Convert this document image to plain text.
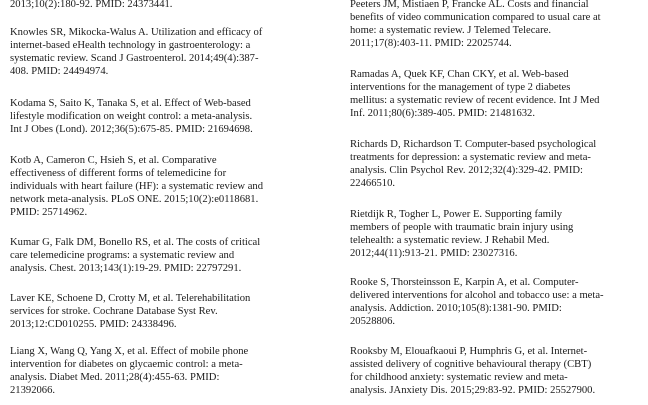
2013;10(2):180-92. PMID: 24373441.

Knowles SR, Mikocka-Walus A. Utilization and efficacy of
internet-based eHealth technology in gastroenterology: a
systematic review. Scand J Gastroenterol. 2014;49(4):387-
408. PMID: 24494974.

Kodama S, Saito K, Tanaka S, et al. Effect of Web-based
lifestyle modification on weight control: a meta-analysis.
Int J Obes (Lond). 2012;36(5):675-85. PMID: 21694698.

Kotb A, Cameron C, Hsieh S, et al. Comparative
effectiveness of different forms of telemedicine for
individuals with heart failure (HF): a systematic review and
network meta-analysis. PLoS ONE. 2015;10(2):e0118681.
PMID: 25714962.

Kumar G, Falk DM, Bonello RS, et al. The costs of critical
care telemedicine programs: a systematic review and
analysis. Chest. 2013;143(1):19-29. PMID: 22797291.

Laver KE, Schoene D, Crotty M, et al. Telerehabilitation
services for stroke. Cochrane Database Syst Rev.
2013;12:CD010255. PMID: 24338496.

Liang X, Wang Q, Yang X, et al. Effect of mobile phone
intervention for diabetes on glycaemic control: a meta-
analysis. Diabet Med. 2011;28(4):455-63. PMID:
21392066.

Peeters JM, Mistiaen P, Francke AL. Costs and financial
benefits of video communication compared to usual care at
home: a systematic review. J Telemed Telecare.
2011;17(8):403-11. PMID: 22025744.

Ramadas A, Quek KF, Chan CKY, et al. Web-based
interventions for the management of type 2 diabetes
mellitus: a systematic review of recent evidence. Int J Med
Inf. 2011;80(6):389-405. PMID: 21481632.

Richards D, Richardson T. Computer-based psychological
treatments for depression: a systematic review and meta-
analysis. Clin Psychol Rev. 2012;32(4):329-42. PMID:
22466510.

Rietdijk R, Togher L, Power E. Supporting family
members of people with traumatic brain injury using
telehealth: a systematic review. J Rehabil Med.
2012;44(11):913-21. PMID: 23027316.

Rooke S, Thorsteinsson E, Karpin A, et al. Computer-
delivered interventions for alcohol and tobacco use: a meta-
analysis. Addiction. 2010;105(8):1381-90. PMID:
20528806.

Rooksby M, Elouafkaoui P, Humphris G, et al. Internet-
assisted delivery of cognitive behavioural therapy (CBT)
for childhood anxiety: systematic review and meta-
analysis. JAnxiety Dis. 2015;29:83-92. PMID: 25527900.
